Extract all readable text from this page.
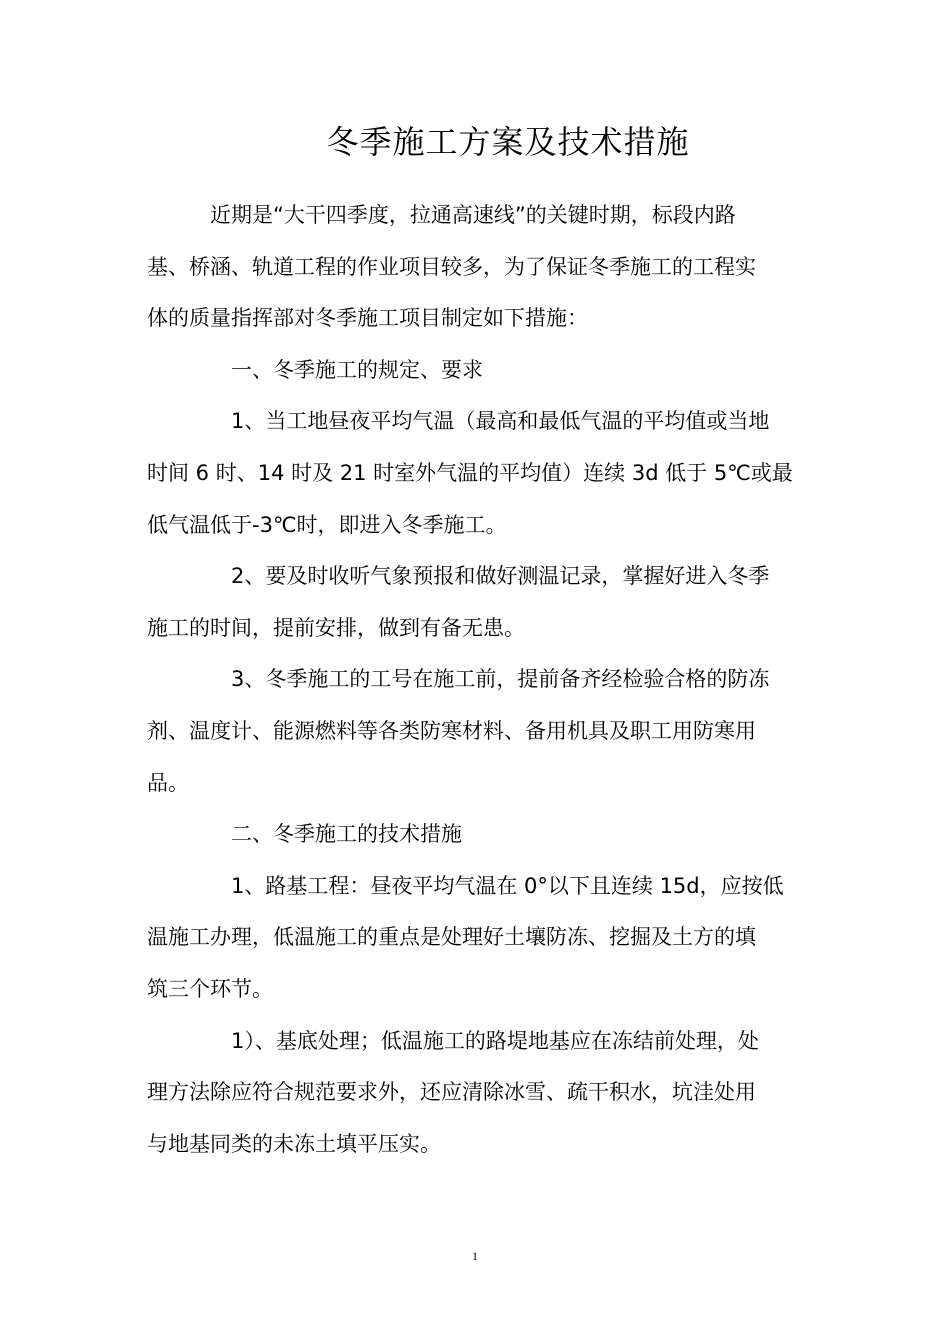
冬季施工方案及技术措施
　　　近期是“大干四季度，拉通高速线”的关键时期，标段内路
基、桥涵、轨道工程的作业项目较多，为了保证冬季施工的工程实
体的质量指挥部对冬季施工项目制定如下措施：
　　　　一、冬季施工的规定、要求
　　　　1、当工地昼夜平均气温（最高和最低气温的平均值或当地
时间 6 时、14 时及 21 时室外气温的平均值）连续 3d 低于 5℃或最
低气温低于-3℃时，即进入冬季施工。
　　　　2、要及时收听气象预报和做好测温记录，掌握好进入冬季
施工的时间，提前安排，做到有备无患。
　　　　3、冬季施工的工号在施工前，提前备齐经检验合格的防冻
剂、温度计、能源燃料等各类防寒材料、备用机具及职工用防寒用
品。
　　　　二、冬季施工的技术措施
　　　　1、路基工程：昼夜平均气温在 0°以下且连续 15d，应按低
温施工办理，低温施工的重点是处理好土壤防冻、挖掘及土方的填
筑三个环节。
　　　　1）、基底处理；低温施工的路堤地基应在冻结前处理，处
理方法除应符合规范要求外，还应清除冰雪、疏干积水，坑洼处用
与地基同类的未冻土填平压实。
1
